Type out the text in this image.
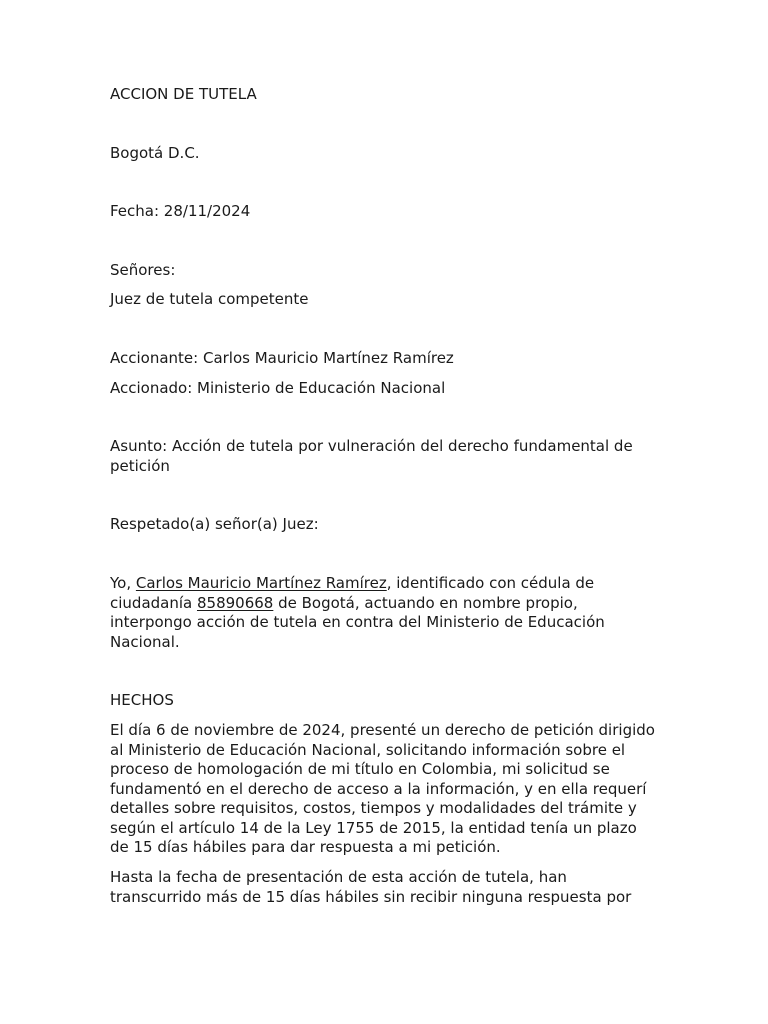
ACCION DE TUTELA

Bogotá D.C.

Fecha: 28/11/2024

Señores:

Juez de tutela competente

Accionante: Carlos Mauricio Martínez Ramírez

Accionado: Ministerio de Educación Nacional

Asunto: Acción de tutela por vulneración del derecho fundamental de petición

Respetado(a) señor(a) Juez:

Yo, Carlos Mauricio Martínez Ramírez, identificado con cédula de ciudadanía 85890668 de Bogotá, actuando en nombre propio, interpongo acción de tutela en contra del Ministerio de Educación Nacional.

HECHOS

El día 6 de noviembre de 2024, presenté un derecho de petición dirigido al Ministerio de Educación Nacional, solicitando información sobre el proceso de homologación de mi título en Colombia, mi solicitud se fundamentó en el derecho de acceso a la información, y en ella requerí detalles sobre requisitos, costos, tiempos y modalidades del trámite y según el artículo 14 de la Ley 1755 de 2015, la entidad tenía un plazo de 15 días hábiles para dar respuesta a mi petición.

Hasta la fecha de presentación de esta acción de tutela, han transcurrido más de 15 días hábiles sin recibir ninguna respuesta por
